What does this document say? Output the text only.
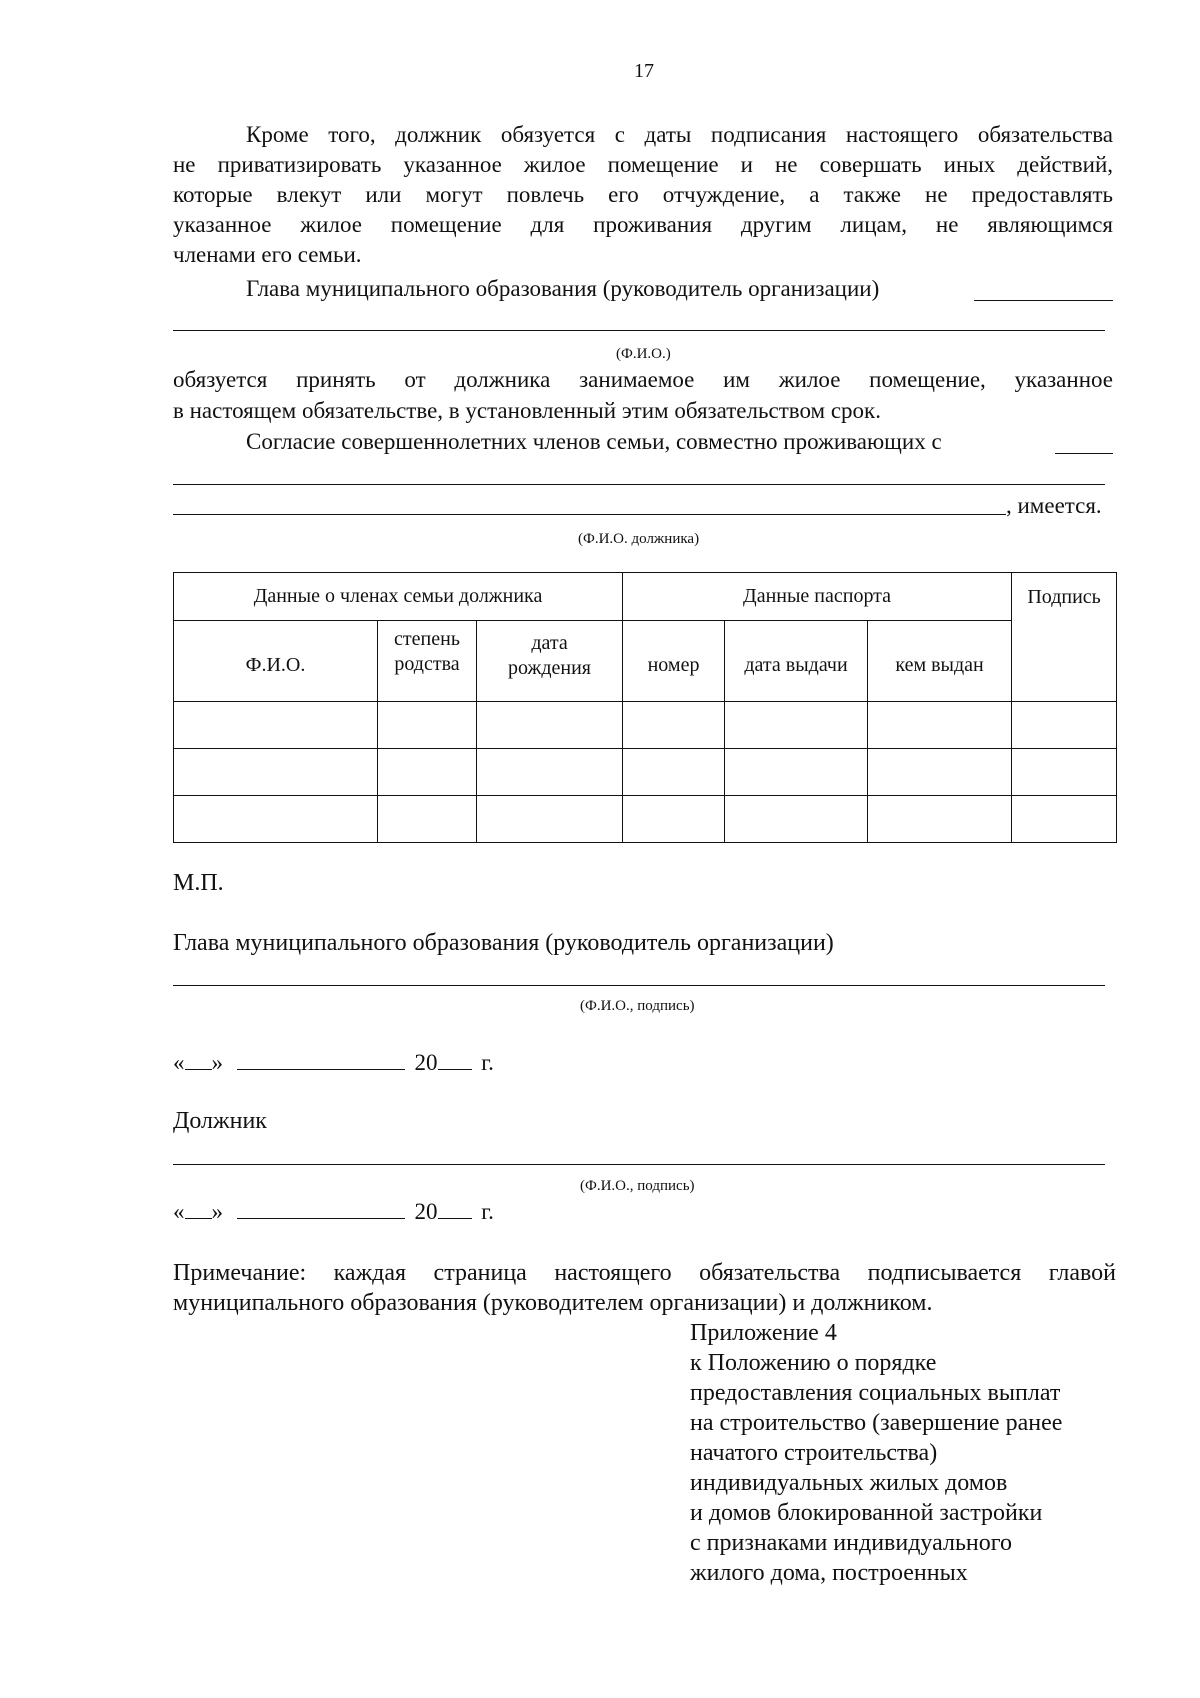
17
Кроме того, должник обязуется с даты подписания настоящего обязательства
не приватизировать указанное жилое помещение и не совершать иных действий,
которые влекут или могут повлечь его отчуждение, а также не предоставлять
указанное жилое помещение для проживания другим лицам, не являющимся
членами его семьи.
Глава муниципального образования (руководитель организации)
(Ф.И.О.)
обязуется принять от должника занимаемое им жилое помещение, указанное
в настоящем обязательстве, в установленный этим обязательством срок.
Согласие совершеннолетних членов семьи, совместно проживающих с
, имеется.
(Ф.И.О. должника)
Данные о членах семьи должника			Данные паспорта			Подпись
Ф.И.О.	степень родства	дата рождения	номер	дата выдачи	кем выдан	

М.П.
Глава муниципального образования (руководитель организации)
(Ф.И.О., подпись)
« »	20 г.
Должник
(Ф.И.О., подпись)
« »	20 г.
Примечание: каждая страница настоящего обязательства подписывается главой
муниципального образования (руководителем организации) и должником.
Приложение 4
к Положению о порядке
предоставления социальных выплат
на строительство (завершение ранее
начатого строительства)
индивидуальных жилых домов
и домов блокированной застройки
с признаками индивидуального
жилого дома, построенных
